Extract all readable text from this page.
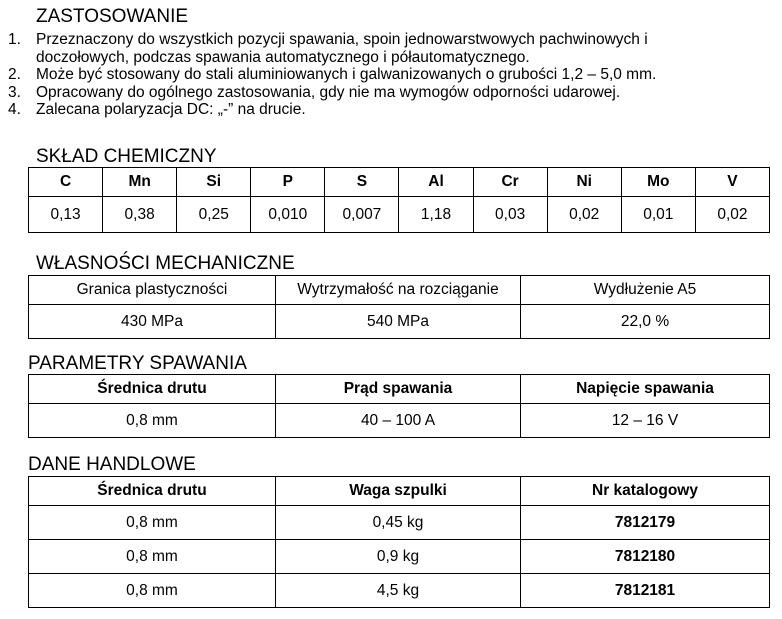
ZASTOSOWANIE
1. Przeznaczony do wszystkich pozycji spawania, spoin jednowarstwowych pachwinowych i
doczołowych, podczas spawania automatycznego i półautomatycznego.
2. Może być stosowany do stali aluminiowanych i galwanizowanych o grubości 1,2 – 5,0 mm.
3. Opracowany do ogólnego zastosowania, gdy nie ma wymogów odporności udarowej.
4. Zalecana polaryzacja DC: „-” na drucie.
SKŁAD CHEMICZNY
C	Mn	Si	P	S	Al	Cr	Ni	Mo	V
0,13	0,38	0,25	0,010	0,007	1,18	0,03	0,02	0,01	0,02
WŁASNOŚCI MECHANICZNE
Granica plastyczności	Wytrzymałość na rozciąganie	Wydłużenie A5
430 MPa	540 MPa	22,0 %
PARAMETRY SPAWANIA
Średnica drutu	Prąd spawania	Napięcie spawania
0,8 mm	40 – 100 A	12 – 16 V
DANE HANDLOWE
Średnica drutu	Waga szpulki	Nr katalogowy
0,8 mm	0,45 kg	7812179
0,8 mm	0,9 kg	7812180
0,8 mm	4,5 kg	7812181
